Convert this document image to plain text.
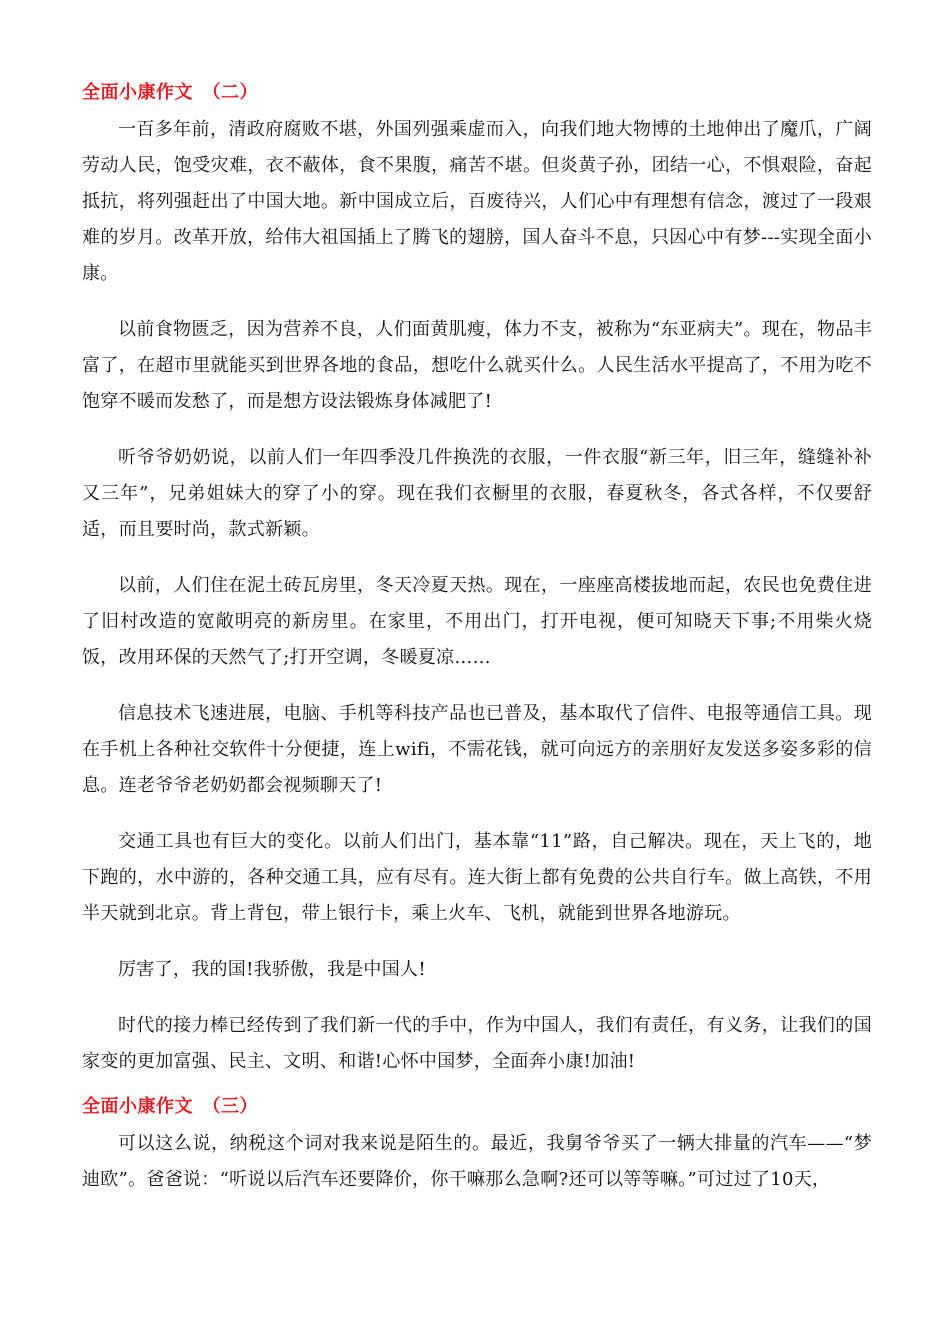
全面小康作文　（二）

一百多年前，清政府腐败不堪，外国列强乘虚而入，向我们地大物博的土地伸出了魔爪，广阔劳动人民，饱受灾难，衣不蔽体，食不果腹，痛苦不堪。但炎黄子孙，团结一心，不惧艰险，奋起抵抗，将列强赶出了中国大地。新中国成立后，百废待兴，人们心中有理想有信念，渡过了一段艰难的岁月。改革开放，给伟大祖国插上了腾飞的翅膀，国人奋斗不息，只因心中有梦---实现全面小康。

以前食物匮乏，因为营养不良，人们面黄肌瘦，体力不支，被称为“东亚病夫”。现在，物品丰富了，在超市里就能买到世界各地的食品，想吃什么就买什么。人民生活水平提高了，不用为吃不饱穿不暖而发愁了，而是想方设法锻炼身体减肥了!

听爷爷奶奶说，以前人们一年四季没几件换洗的衣服，一件衣服“新三年，旧三年，缝缝补补又三年”，兄弟姐妹大的穿了小的穿。现在我们衣橱里的衣服，春夏秋冬，各式各样，不仅要舒适，而且要时尚，款式新颖。

以前，人们住在泥土砖瓦房里，冬天冷夏天热。现在，一座座高楼拔地而起，农民也免费住进了旧村改造的宽敞明亮的新房里。在家里，不用出门，打开电视，便可知晓天下事;不用柴火烧饭，改用环保的天然气了;打开空调，冬暖夏凉……

信息技术飞速进展，电脑、手机等科技产品也已普及，基本取代了信件、电报等通信工具。现在手机上各种社交软件十分便捷，连上wifi，不需花钱，就可向远方的亲朋好友发送多姿多彩的信息。连老爷爷老奶奶都会视频聊天了!

交通工具也有巨大的变化。以前人们出门，基本靠“11”路，自己解决。现在，天上飞的，地下跑的，水中游的，各种交通工具，应有尽有。连大街上都有免费的公共自行车。做上高铁，不用半天就到北京。背上背包，带上银行卡，乘上火车、飞机，就能到世界各地游玩。

厉害了，我的国!我骄傲，我是中国人!

时代的接力棒已经传到了我们新一代的手中，作为中国人，我们有责任，有义务，让我们的国家变的更加富强、民主、文明、和谐!心怀中国梦，全面奔小康!加油!

全面小康作文　（三）

可以这么说，纳税这个词对我来说是陌生的。最近，我舅爷爷买了一辆大排量的汽车——“梦迪欧”。爸爸说：“听说以后汽车还要降价，你干嘛那么急啊?还可以等等嘛。”可过过了10天，
